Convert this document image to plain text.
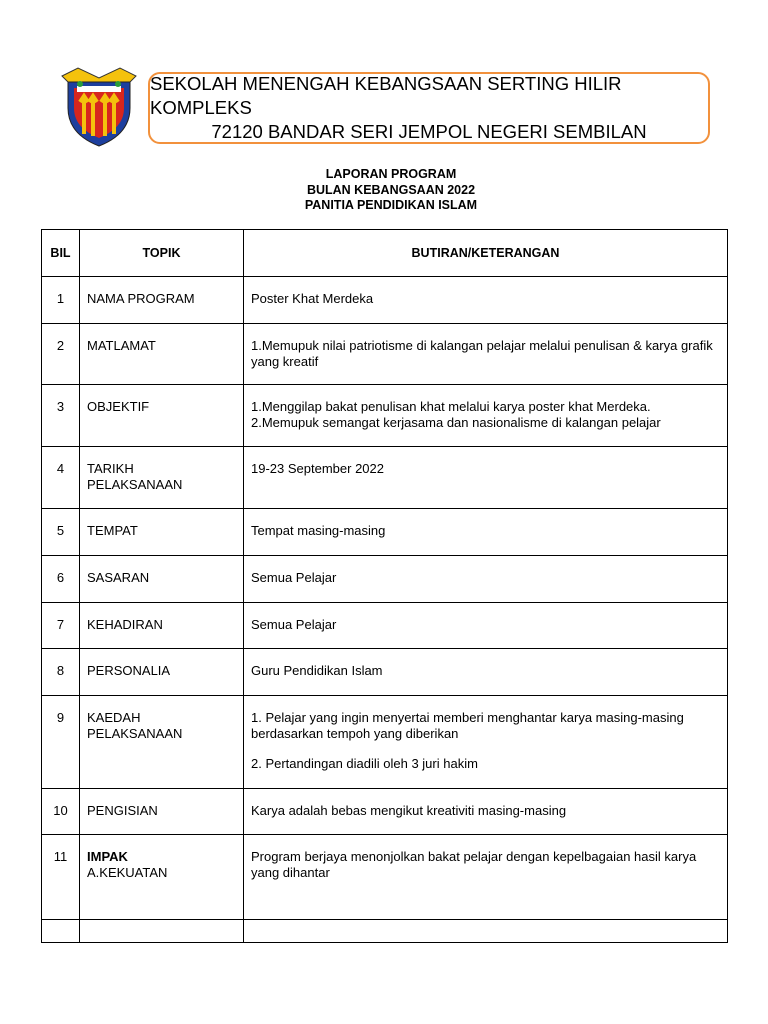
SEKOLAH MENENGAH KEBANGSAAN SERTING HILIR KOMPLEKS
72120 BANDAR SERI JEMPOL NEGERI SEMBILAN
LAPORAN PROGRAM
BULAN KEBANGSAAN 2022
PANITIA PENDIDIKAN ISLAM
BIL	TOPIK	BUTIRAN/KETERANGAN
1	NAMA PROGRAM	Poster Khat Merdeka
2	MATLAMAT	1.Memupuk nilai patriotisme di kalangan pelajar melalui penulisan & karya grafik yang kreatif
3	OBJEKTIF	1.Menggilap bakat penulisan khat melalui karya poster khat Merdeka.
2.Memupuk semangat kerjasama dan nasionalisme di kalangan pelajar

4	TARIKH
PELAKSANAAN	19-23 September 2022
5	TEMPAT	Tempat masing-masing
6	SASARAN	Semua Pelajar
7	KEHADIRAN	Semua Pelajar
8	PERSONALIA	Guru Pendidikan Islam
9	KAEDAH
PELAKSANAAN	1. Pelajar yang ingin menyertai memberi menghantar karya masing-masing berdasarkan tempoh yang diberikan
2. Pertandingan diadili oleh 3 juri hakim

10	PENGISIAN	Karya adalah bebas mengikut kreativiti masing-masing
11	IMPAK
A.KEKUATAN	Program berjaya menonjolkan bakat pelajar dengan kepelbagaian hasil karya yang dihantar
